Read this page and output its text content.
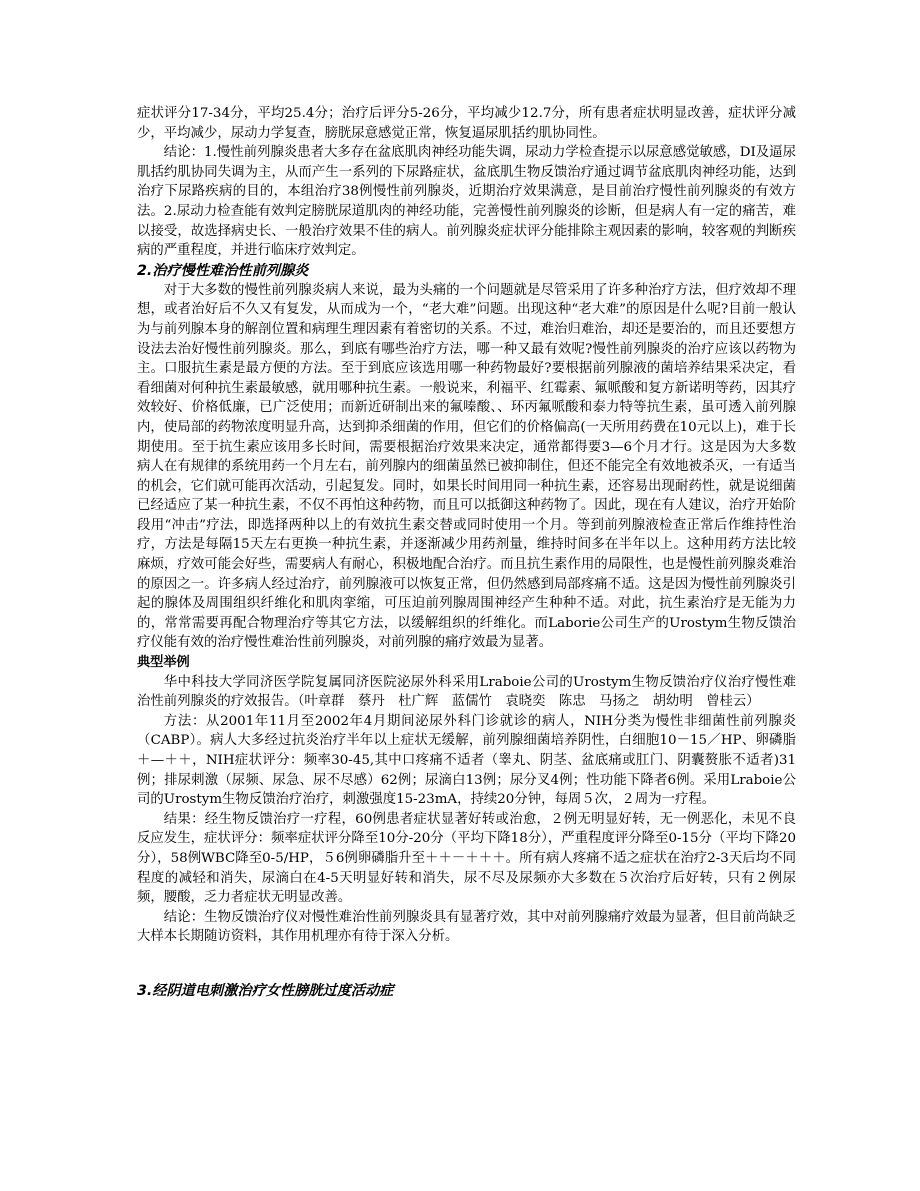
症状评分17-34分，平均25.4分；治疗后评分5-26分，平均减少12.7分，所有患者症状明显改善，症状评分减少，平均减少，尿动力学复查，膀胱尿意感觉正常，恢复逼尿肌括约肌协同性。

结论：1.慢性前列腺炎患者大多存在盆底肌肉神经功能失调，尿动力学检查提示以尿意感觉敏感，DI及逼尿肌括约肌协同失调为主，从而产生一系列的下尿路症状，盆底肌生物反馈治疗通过调节盆底肌肉神经功能，达到治疗下尿路疾病的目的，本组治疗38例慢性前列腺炎，近期治疗效果满意，是目前治疗慢性前列腺炎的有效方法。2.尿动力检查能有效判定膀胱尿道肌肉的神经功能，完善慢性前列腺炎的诊断，但是病人有一定的痛苦，难以接受，故选择病史长、一般治疗效果不佳的病人。前列腺炎症状评分能排除主观因素的影响，较客观的判断疾病的严重程度，并进行临床疗效判定。

2.治疗慢性难治性前列腺炎

对于大多数的慢性前列腺炎病人来说，最为头痛的一个问题就是尽管采用了许多种治疗方法，但疗效却不理想，或者治好后不久又有复发，从而成为一个，“老大难”问题。出现这种“老大难”的原因是什么呢?目前一般认为与前列腺本身的解剖位置和病理生理因素有着密切的关系。不过，难治归难治，却还是要治的，而且还要想方设法去治好慢性前列腺炎。那么，到底有哪些治疗方法，哪一种又最有效呢?慢性前列腺炎的治疗应该以药物为主。口服抗生素是最方便的方法。至于到底应该选用哪一种药物最好?要根据前列腺液的菌培养结果采决定，看看细菌对何种抗生素最敏感，就用哪种抗生素。一般说来，利福平、红霉素、氟哌酸和复方新诺明等药，因其疗效较好、价格低廉，已广泛使用；而新近研制出来的氟嗪酸、、环丙氟哌酸和泰力特等抗生素，虽可透入前列腺内，使局部的药物浓度明显升高，达到抑杀细菌的作用，但它们的价格偏高(一天所用药费在10元以上)，难于长期使用。至于抗生素应该用多长时间，需要根据治疗效果来决定，通常都得要3—6个月才行。这是因为大多数病人在有规律的系统用药一个月左右，前列腺内的细菌虽然已被抑制住，但还不能完全有效地被杀灭，一有适当的机会，它们就可能再次活动，引起复发。同时，如果长时间用同一种抗生素，还容易出现耐药性，就是说细菌已经适应了某一种抗生素，不仅不再怕这种药物，而且可以抵御这种药物了。因此，现在有人建议，治疗开始阶段用“冲击”疗法，即选择两种以上的有效抗生素交替或同时使用一个月。等到前列腺液检查正常后作维持性治疗，方法是每隔15天左右更换一种抗生素，并逐渐减少用药剂量，维持时间多在半年以上。这种用药方法比较麻烦，疗效可能会好些，需要病人有耐心，积极地配合治疗。而且抗生素作用的局限性，也是慢性前列腺炎难治的原因之一。许多病人经过治疗，前列腺液可以恢复正常，但仍然感到局部疼痛不适。这是因为慢性前列腺炎引起的腺体及周围组织纤维化和肌肉挛缩，可压迫前列腺周围神经产生种种不适。对此，抗生素治疗是无能为力的，常常需要再配合物理治疗等其它方法，以缓解组织的纤维化。而Laborie公司生产的Urostym生物反馈治疗仪能有效的治疗慢性难治性前列腺炎，对前列腺的痛疗效最为显著。

典型举例

华中科技大学同济医学院复属同济医院泌尿外科采用Lraboie公司的Urostym生物反馈治疗仪治疗慢性难治性前列腺炎的疗效报告。（叶章群　蔡丹　杜广辉　蓝儒竹　袁晓奕　陈忠　马扬之　胡幼明　曾桂云）

方法：从2001年11月至2002年4月期间泌尿外科门诊就诊的病人，NIH分类为慢性非细菌性前列腺炎（CABP）。病人大多经过抗炎治疗半年以上症状无缓解，前列腺细菌培养阴性，白细胞10－15／HP、卵磷脂＋—＋＋，NIH症状评分：频率30-45,其中口疼痛不适者（睾丸、阴茎、盆底痛或肛门、阴囊赘胀不适者)31例；排尿刺激（尿频、尿急、尿不尽感）62例；尿滴白13例；尿分叉4例；性功能下降者6例。采用Lraboie公司的Urostym生物反馈治疗治疗，刺激强度15-23mA，持续20分钟，每周５次，２周为一疗程。

结果：经生物反馈治疗一疗程，60例患者症状显著好转或治愈，２例无明显好转，无一例恶化，未见不良反应发生，症状评分：频率症状评分降至10分-20分（平均下降18分），严重程度评分降至0-15分（平均下降20分），58例WBC降至0-5/HP，５6例卵磷脂升至＋＋－＋＋＋。所有病人疼痛不适之症状在治疗2-3天后均不同程度的减轻和消失，尿滴白在4-5天明显好转和消失，尿不尽及尿频亦大多数在５次治疗后好转，只有２例尿频，腰酸，乏力者症状无明显改善。

结论：生物反馈治疗仪对慢性难治性前列腺炎具有显著疗效，其中对前列腺痛疗效最为显著，但目前尚缺乏大样本长期随访资料，其作用机理亦有待于深入分析。

3.经阴道电刺激治疗女性膀胱过度活动症
